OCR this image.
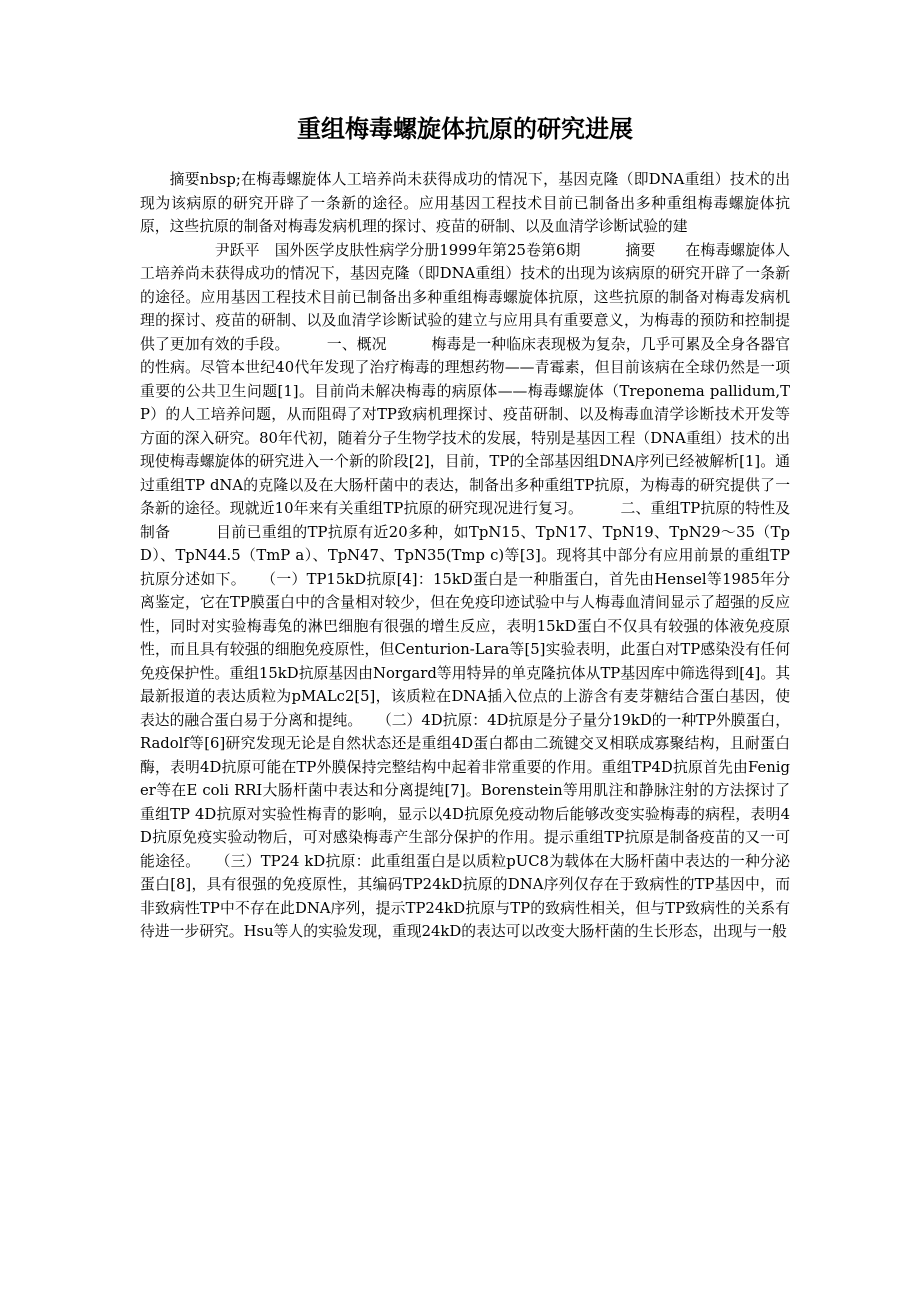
重组梅毒螺旋体抗原的研究进展

摘要nbsp;在梅毒螺旋体人工培养尚未获得成功的情况下，基因克隆（即DNA重组）技术的出现为该病原的研究开辟了一条新的途径。应用基因工程技术目前已制备出多种重组梅毒螺旋体抗原，这些抗原的制备对梅毒发病机理的探讨、疫苗的研制、以及血清学诊断试验的建

　　　　　尹跃平　国外医学皮肤性病学分册1999年第25卷第6期　　　摘要　　在梅毒螺旋体人工培养尚未获得成功的情况下，基因克隆（即DNA重组）技术的出现为该病原的研究开辟了一条新的途径。应用基因工程技术目前已制备出多种重组梅毒螺旋体抗原，这些抗原的制备对梅毒发病机理的探讨、疫苗的研制、以及血清学诊断试验的建立与应用具有重要意义，为梅毒的预防和控制提供了更加有效的手段。　　　一、概况　　　梅毒是一种临床表现极为复杂，几乎可累及全身各器官的性病。尽管本世纪40代年发现了治疗梅毒的理想药物——青霉素，但目前该病在全球仍然是一项重要的公共卫生问题[1]。目前尚未解决梅毒的病原体——梅毒螺旋体（Treponema pallidum,TP）的人工培养问题，从而阻碍了对TP致病机理探讨、疫苗研制、以及梅毒血清学诊断技术开发等方面的深入研究。80年代初，随着分子生物学技术的发展，特别是基因工程（DNA重组）技术的出现使梅毒螺旋体的研究进入一个新的阶段[2]，目前，TP的全部基因组DNA序列已经被解析[1]。通过重组TP dNA的克隆以及在大肠杆菌中的表达，制备出多种重组TP抗原，为梅毒的研究提供了一条新的途径。现就近10年来有关重组TP抗原的研究现况进行复习。　　　二、重组TP抗原的特性及制备　　　目前已重组的TP抗原有近20多种，如TpN15、TpN17、TpN19、TpN29～35（TpD）、TpN44.5（TmP a）、TpN47、TpN35(Tmp c)等[3]。现将其中部分有应用前景的重组TP抗原分述如下。　　（一）TP15kD抗原[4]：15kD蛋白是一种脂蛋白，首先由Hensel等1985年分离鉴定，它在TP膜蛋白中的含量相对较少，但在免疫印迹试验中与人梅毒血清间显示了超强的反应性，同时对实验梅毒兔的淋巴细胞有很强的增生反应，表明15kD蛋白不仅具有较强的体液免疫原性，而且具有较强的细胞免疫原性，但Centurion-Lara等[5]实验表明，此蛋白对TP感染没有任何免疫保护性。重组15kD抗原基因由Norgard等用特异的单克隆抗体从TP基因库中筛选得到[4]。其最新报道的表达质粒为pMALc2[5]，该质粒在DNA插入位点的上游含有麦芽糖结合蛋白基因，使表达的融合蛋白易于分离和提纯。　　（二）4D抗原：4D抗原是分子量分19kD的一种TP外膜蛋白，Radolf等[6]研究发现无论是自然状态还是重组4D蛋白都由二巯键交叉相联成寡聚结构，且耐蛋白酶，表明4D抗原可能在TP外膜保持完整结构中起着非常重要的作用。重组TP4D抗原首先由Feniger等在E coli RRI大肠杆菌中表达和分离提纯[7]。Borenstein等用肌注和静脉注射的方法探讨了重组TP 4D抗原对实验性梅青的影响，显示以4D抗原免疫动物后能够改变实验梅毒的病程，表明4D抗原免疫实验动物后，可对感染梅毒产生部分保护的作用。提示重组TP抗原是制备疫苗的又一可能途径。　　（三）TP24 kD抗原：此重组蛋白是以质粒pUC8为载体在大肠杆菌中表达的一种分泌蛋白[8]，具有很强的免疫原性，其编码TP24kD抗原的DNA序列仅存在于致病性的TP基因中，而非致病性TP中不存在此DNA序列，提示TP24kD抗原与TP的致病性相关，但与TP致病性的关系有待进一步研究。Hsu等人的实验发现，重现24kD的表达可以改变大肠杆菌的生长形态，出现与一般
